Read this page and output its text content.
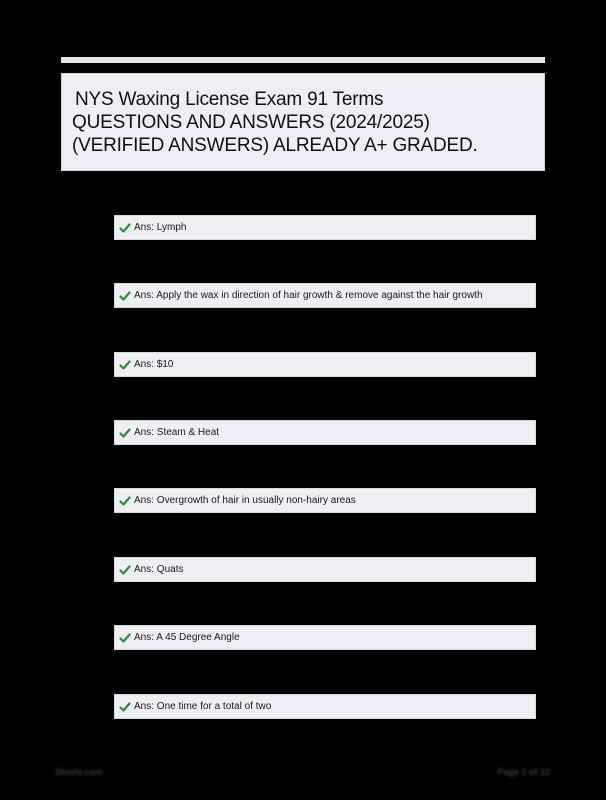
NYS Waxing License Exam 91 Terms
QUESTIONS AND ANSWERS (2024/2025)
(VERIFIED ANSWERS) ALREADY A+ GRADED.
Ans: Lymph
Ans: Apply the wax in direction of hair growth & remove against the hair growth
Ans: $10
Ans: Steam & Heat
Ans: Overgrowth of hair in usually non-hairy areas
Ans: Quats
Ans: A 45 Degree Angle
Ans: One time for a total of two
Stuvia.com	Page 1 of 12
